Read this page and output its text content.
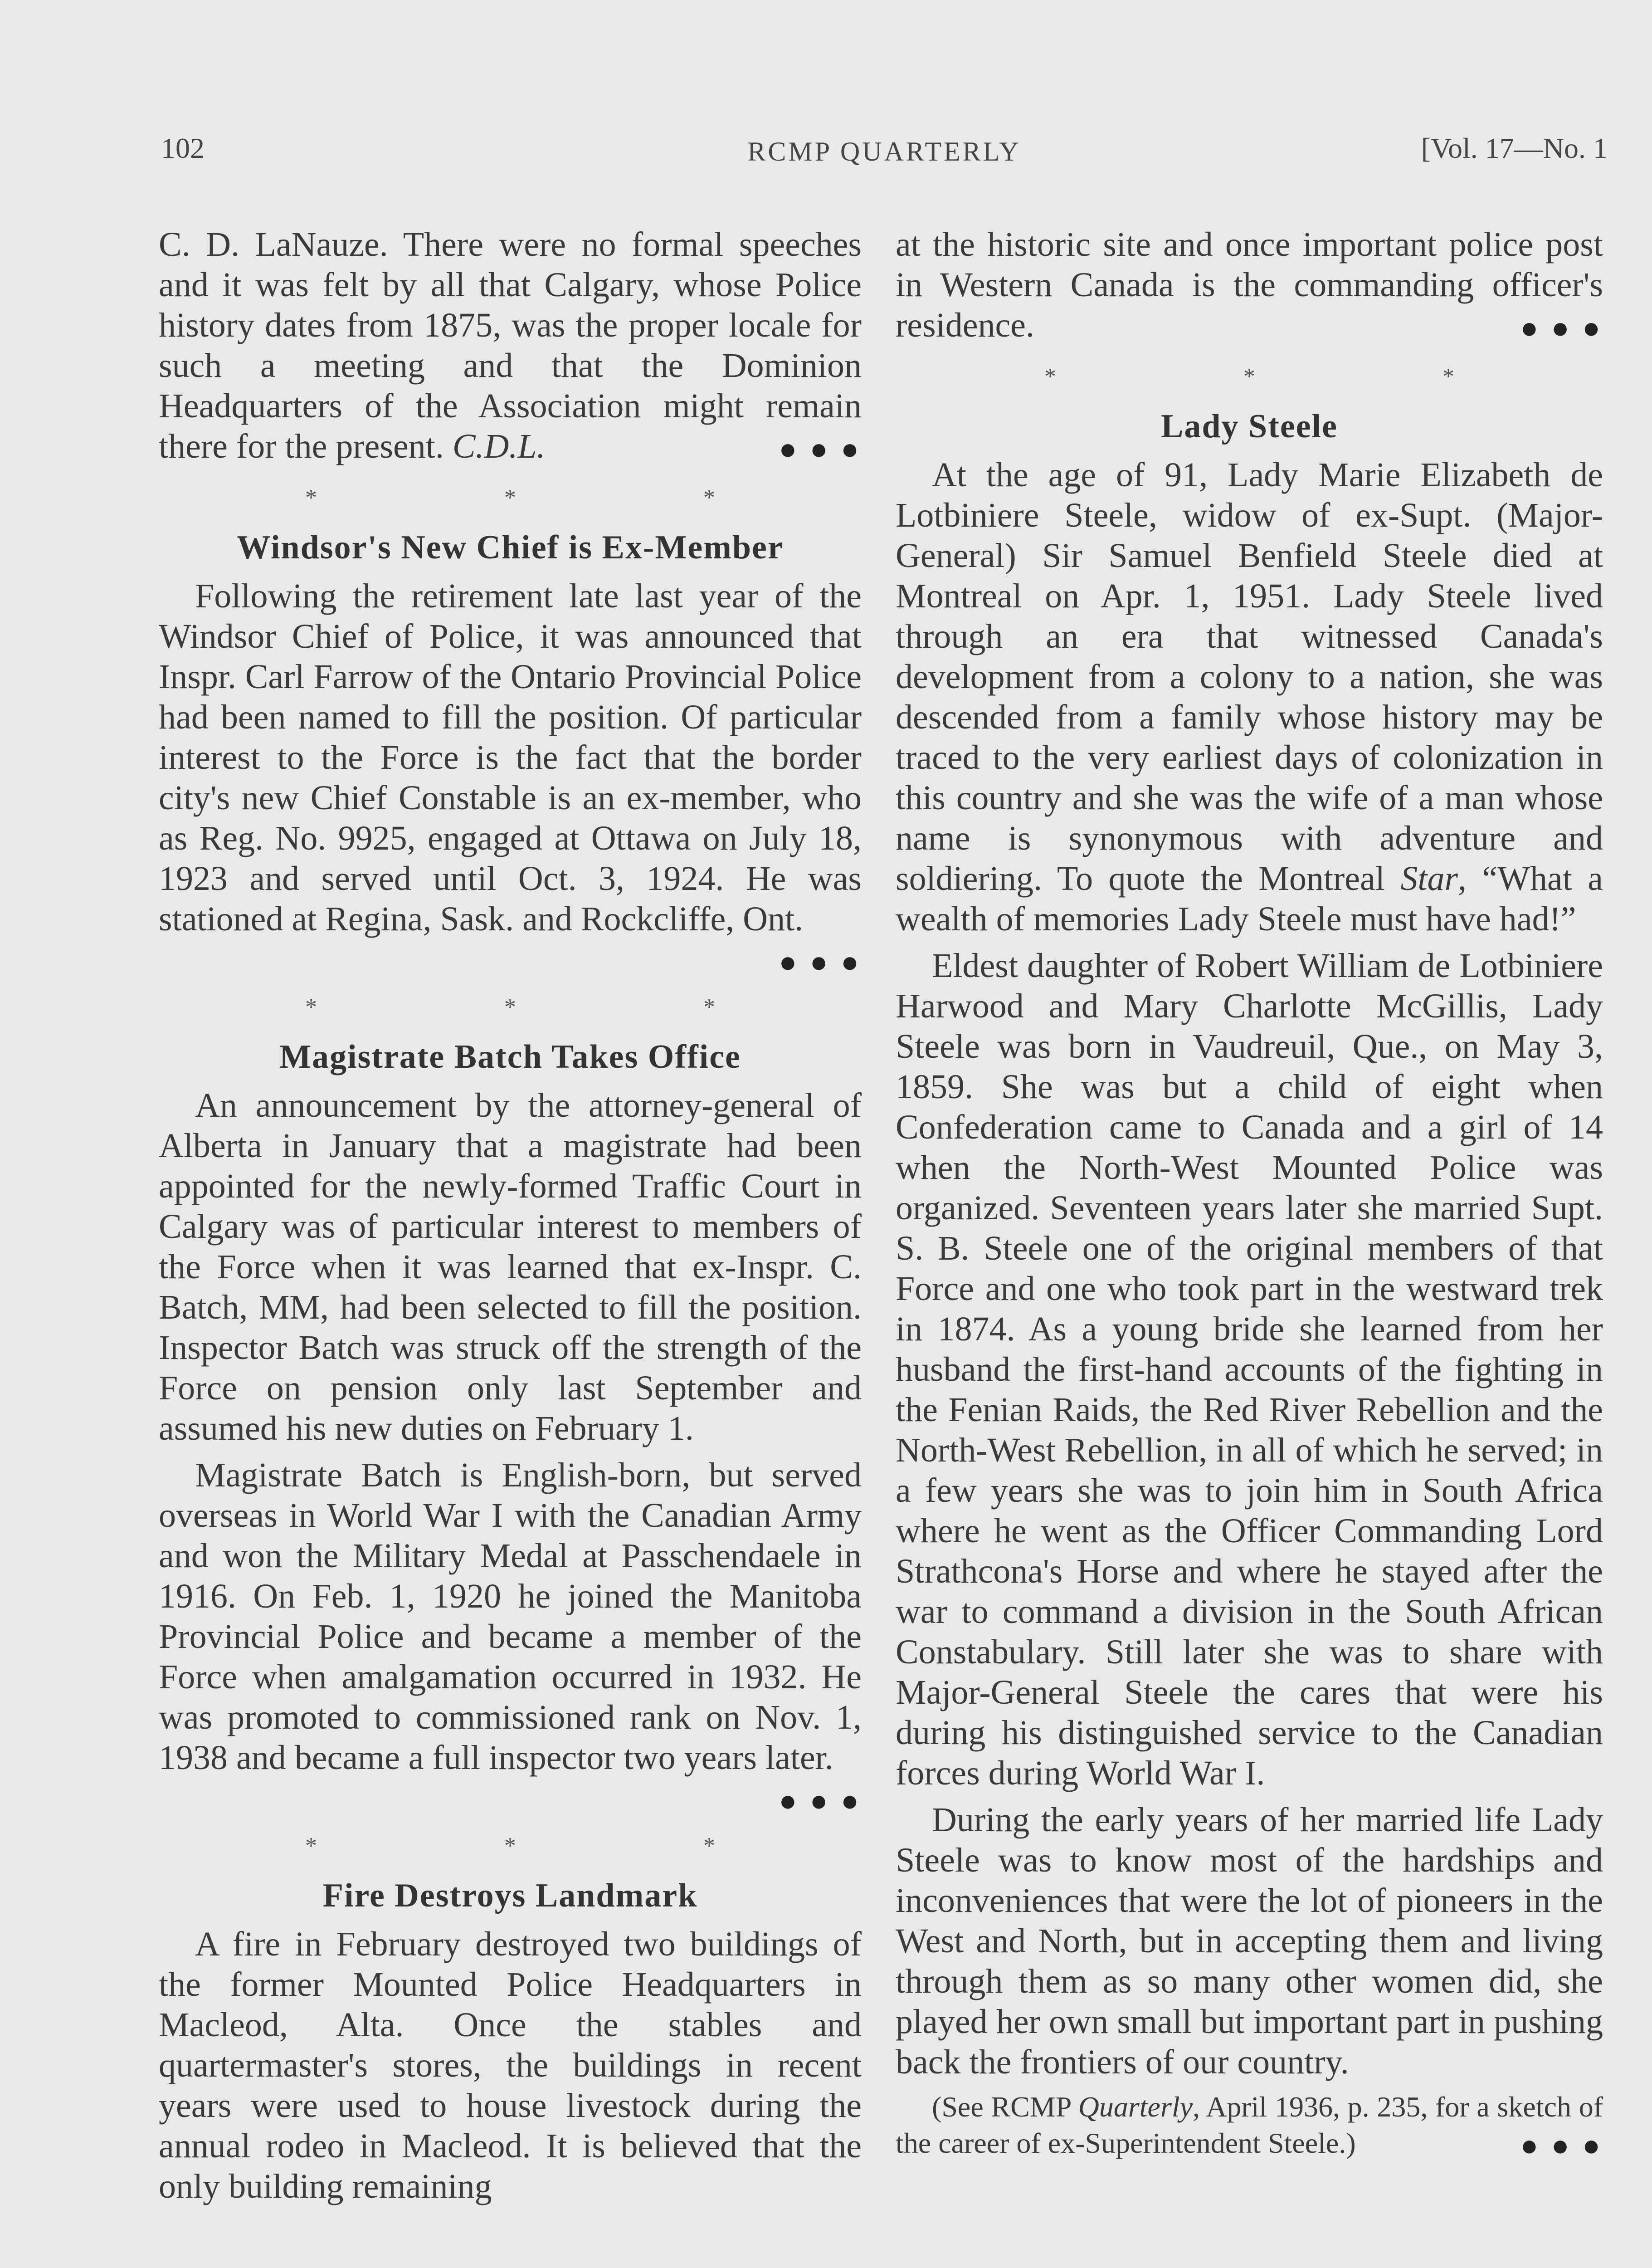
102	RCMP QUARTERLY	[Vol. 17—No. 1

C. D. LaNauze. There were no formal speeches and it was felt by all that Calgary, whose Police history dates from 1875, was the proper locale for such a meeting and that the Dominion Headquarters of the Association might remain there for the present. C.D.L.	● ● ●

* * *
Windsor's New Chief is Ex-Member

Following the retirement late last year of the Windsor Chief of Police, it was announced that Inspr. Carl Farrow of the Ontario Provincial Police had been named to fill the position. Of particular interest to the Force is the fact that the border city's new Chief Constable is an ex-member, who as Reg. No. 9925, engaged at Ottawa on July 18, 1923 and served until Oct. 3, 1924. He was stationed at Regina, Sask. and Rockcliffe, Ont.
● ● ●

* * *
Magistrate Batch Takes Office

An announcement by the attorney-general of Alberta in January that a magistrate had been appointed for the newly-formed Traffic Court in Calgary was of particular interest to members of the Force when it was learned that ex-Inspr. C. Batch, MM, had been selected to fill the position. Inspector Batch was struck off the strength of the Force on pension only last September and assumed his new duties on February 1.

Magistrate Batch is English-born, but served overseas in World War I with the Canadian Army and won the Military Medal at Passchendaele in 1916. On Feb. 1, 1920 he joined the Manitoba Provincial Police and became a member of the Force when amalgamation occurred in 1932. He was promoted to commissioned rank on Nov. 1, 1938 and became a full inspector two years later.
● ● ●

* * *
Fire Destroys Landmark

A fire in February destroyed two buildings of the former Mounted Police Headquarters in Macleod, Alta. Once the stables and quartermaster's stores, the buildings in recent years were used to house livestock during the annual rodeo in Macleod. It is believed that the only building remaining

at the historic site and once important police post in Western Canada is the commanding officer's residence.	● ● ●

* * *
Lady Steele

At the age of 91, Lady Marie Elizabeth de Lotbiniere Steele, widow of ex-Supt. (Major-General) Sir Samuel Benfield Steele died at Montreal on Apr. 1, 1951. Lady Steele lived through an era that witnessed Canada's development from a colony to a nation, she was descended from a family whose history may be traced to the very earliest days of colonization in this country and she was the wife of a man whose name is synonymous with adventure and soldiering. To quote the Montreal Star, “What a wealth of memories Lady Steele must have had!”

Eldest daughter of Robert William de Lotbiniere Harwood and Mary Charlotte McGillis, Lady Steele was born in Vaudreuil, Que., on May 3, 1859. She was but a child of eight when Confederation came to Canada and a girl of 14 when the North-West Mounted Police was organized. Seventeen years later she married Supt. S. B. Steele one of the original members of that Force and one who took part in the westward trek in 1874. As a young bride she learned from her husband the first-hand accounts of the fighting in the Fenian Raids, the Red River Rebellion and the North-West Rebellion, in all of which he served; in a few years she was to join him in South Africa where he went as the Officer Commanding Lord Strathcona's Horse and where he stayed after the war to command a division in the South African Constabulary. Still later she was to share with Major-General Steele the cares that were his during his distinguished service to the Canadian forces during World War I.

During the early years of her married life Lady Steele was to know most of the hardships and inconveniences that were the lot of pioneers in the West and North, but in accepting them and living through them as so many other women did, she played her own small but important part in pushing back the frontiers of our country.

(See RCMP Quarterly, April 1936, p. 235, for a sketch of the career of ex-Superintendent Steele.)	● ● ●
